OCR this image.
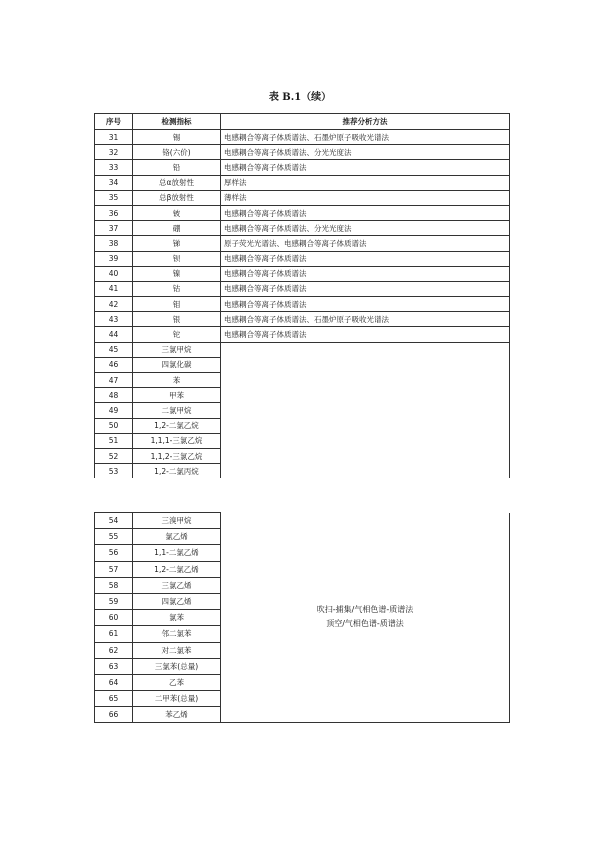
表 B.1（续）
序号	检测指标	推荐分析方法
31	锡	电感耦合等离子体质谱法、石墨炉原子吸收光谱法
32	铬(六价)	电感耦合等离子体质谱法、分光光度法
33	铅	电感耦合等离子体质谱法
34	总α放射性	厚样法
35	总β放射性	薄样法
36	铍	电感耦合等离子体质谱法
37	硼	电感耦合等离子体质谱法、分光光度法
38	锑	原子荧光光谱法、电感耦合等离子体质谱法
39	钡	电感耦合等离子体质谱法
40	镍	电感耦合等离子体质谱法
41	钴	电感耦合等离子体质谱法
42	钼	电感耦合等离子体质谱法
43	银	电感耦合等离子体质谱法、石墨炉原子吸收光谱法
44	铊	电感耦合等离子体质谱法
45	三氯甲烷	
46	四氯化碳	
47	苯	
48	甲苯	
49	二氯甲烷	
50	1,2-二氯乙烷	
51	1,1,1-三氯乙烷	
52	1,1,2-三氯乙烷	
53	1,2-二氯丙烷	
54	三溴甲烷	吹扫-捕集/气相色谱-质谱法
顶空/气相色谱-质谱法

55	氯乙烯	
56	1,1-二氯乙烯	
57	1,2-二氯乙烯	
58	三氯乙烯	
59	四氯乙烯	
60	氯苯	
61	邻二氯苯	
62	对二氯苯	
63	三氯苯(总量)	
64	乙苯	
65	二甲苯(总量)	
66	苯乙烯	
